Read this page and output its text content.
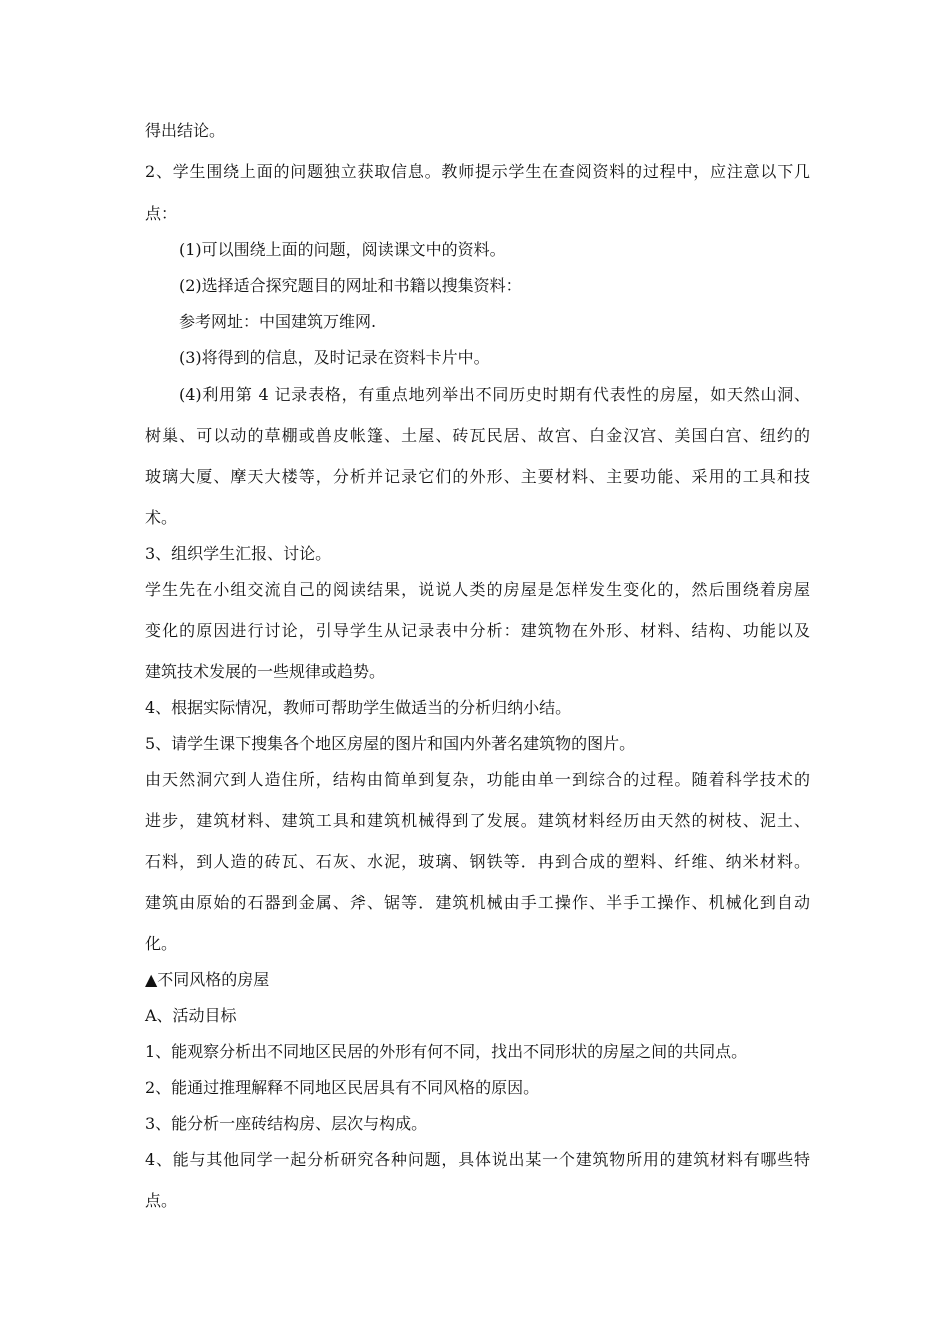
得出结论。
2、学生围绕上面的问题独立获取信息。教师提示学生在查阅资料的过程中，应注意以下几
点：
(1)可以围绕上面的问题，阅读课文中的资料。
(2)选择适合探究题目的网址和书籍以搜集资料：
参考网址：中国建筑万维网.
(3)将得到的信息，及时记录在资料卡片中。
(4)利用第 4 记录表格，有重点地列举出不同历史时期有代表性的房屋，如天然山洞、
树巢、可以动的草棚或兽皮帐篷、土屋、砖瓦民居、故宫、白金汉宫、美国白宫、纽约的
玻璃大厦、摩天大楼等，分析并记录它们的外形、主要材料、主要功能、采用的工具和技
术。
3、组织学生汇报、讨论。
学生先在小组交流自己的阅读结果，说说人类的房屋是怎样发生变化的，然后围绕着房屋
变化的原因进行讨论，引导学生从记录表中分析：建筑物在外形、材料、结构、功能以及
建筑技术发展的一些规律或趋势。
4、根据实际情况，教师可帮助学生做适当的分析归纳小结。
5、请学生课下搜集各个地区房屋的图片和国内外著名建筑物的图片。
由天然洞穴到人造住所，结构由简单到复杂，功能由单一到综合的过程。随着科学技术的
进步，建筑材料、建筑工具和建筑机械得到了发展。建筑材料经历由天然的树枝、泥土、
石料，到人造的砖瓦、石灰、水泥，玻璃、钢铁等．冉到合成的塑料、纤维、纳米材料。
建筑由原始的石器到金属、斧、锯等．建筑机械由手工操作、半手工操作、机械化到自动
化。
▲不同风格的房屋
A、活动目标
1、能观察分析出不同地区民居的外形有何不同，找出不同形状的房屋之间的共同点。
2、能通过推理解释不同地区民居具有不同风格的原因。
3、能分析一座砖结构房、层次与构成。
4、能与其他同学一起分析研究各种问题，具体说出某一个建筑物所用的建筑材料有哪些特
点。
